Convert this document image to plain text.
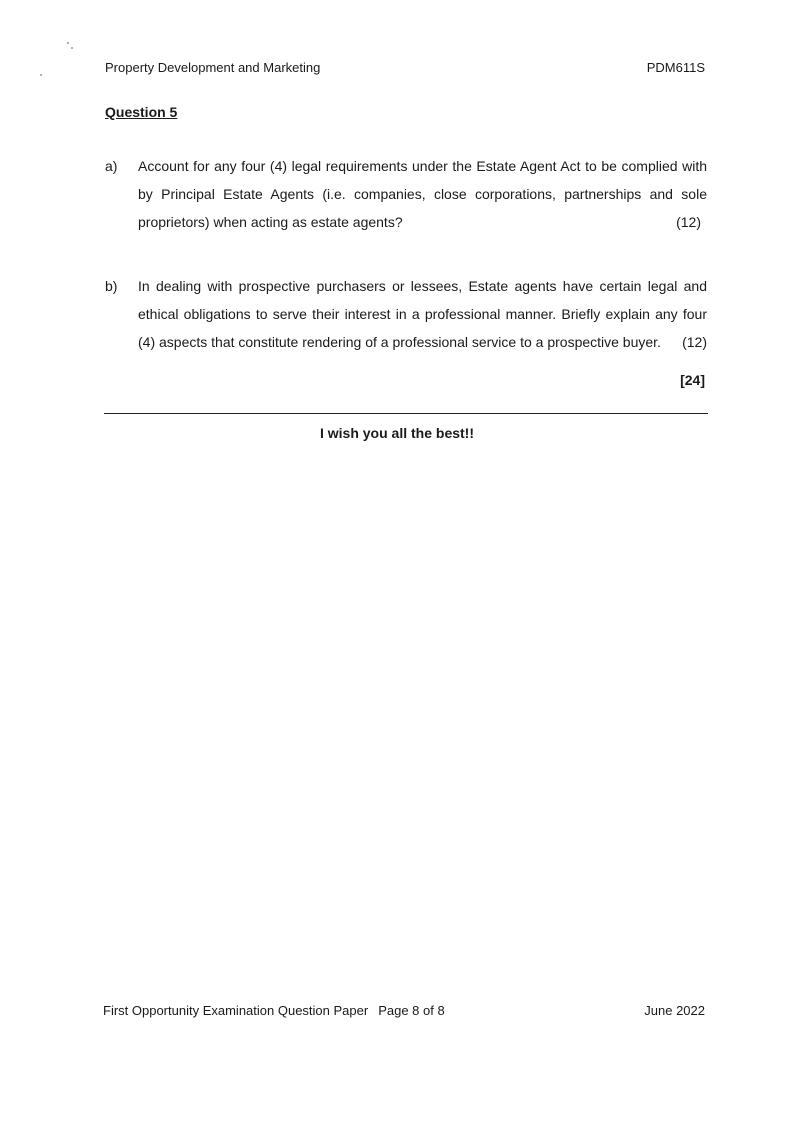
Property Development and Marketing	PDM611S
Question 5
a) Account for any four (4) legal requirements under the Estate Agent Act to be complied with by Principal Estate Agents (i.e. companies, close corporations, partnerships and sole proprietors) when acting as estate agents?	(12)
b) In dealing with prospective purchasers or lessees, Estate agents have certain legal and ethical obligations to serve their interest in a professional manner. Briefly explain any four (4) aspects that constitute rendering of a professional service to a prospective buyer. (12)
[24]
I wish you all the best!!
First Opportunity Examination Question Paper Page 8 of 8	June 2022
